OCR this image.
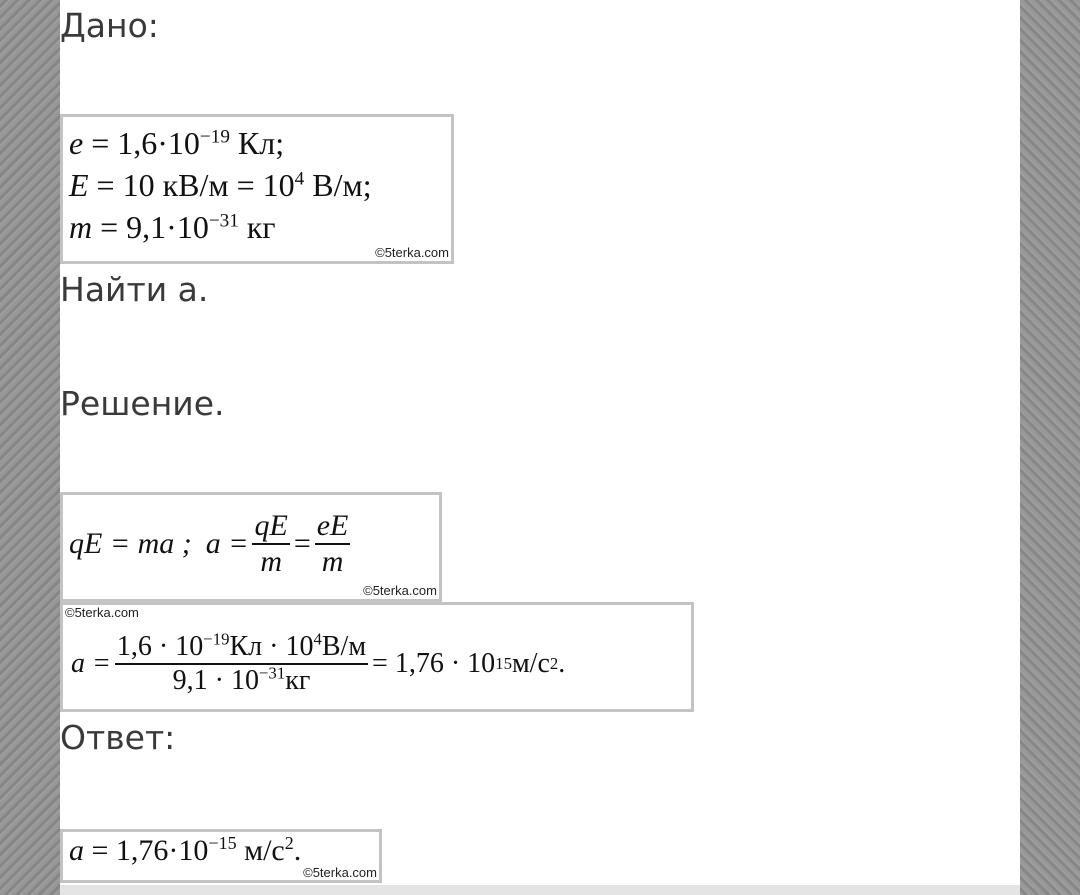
Дано:
$e = 1,6\cdot 10^{-19}$ Кл;
E = 10 $кВ/м = 10^4$ В/м;
$m = 9,1\cdot 10^{-31}$ кг
©5terka.com
Найти a.
Решение.
qE = ma ; $a = \frac{qE}{m} = \frac{eE}{m}$
©5terka.com
©5terka.com
$a = \frac{1,6 \cdot 10^{-19}Кл \cdot 10^4В/м}{9,1 \cdot 10^{-31}кг} = 1,76 \cdot 10$ 15 м/с 2 .
Ответ:
$a = 1,76\cdot 10^{-15}$ $м/с^2$.
©5terka.com
